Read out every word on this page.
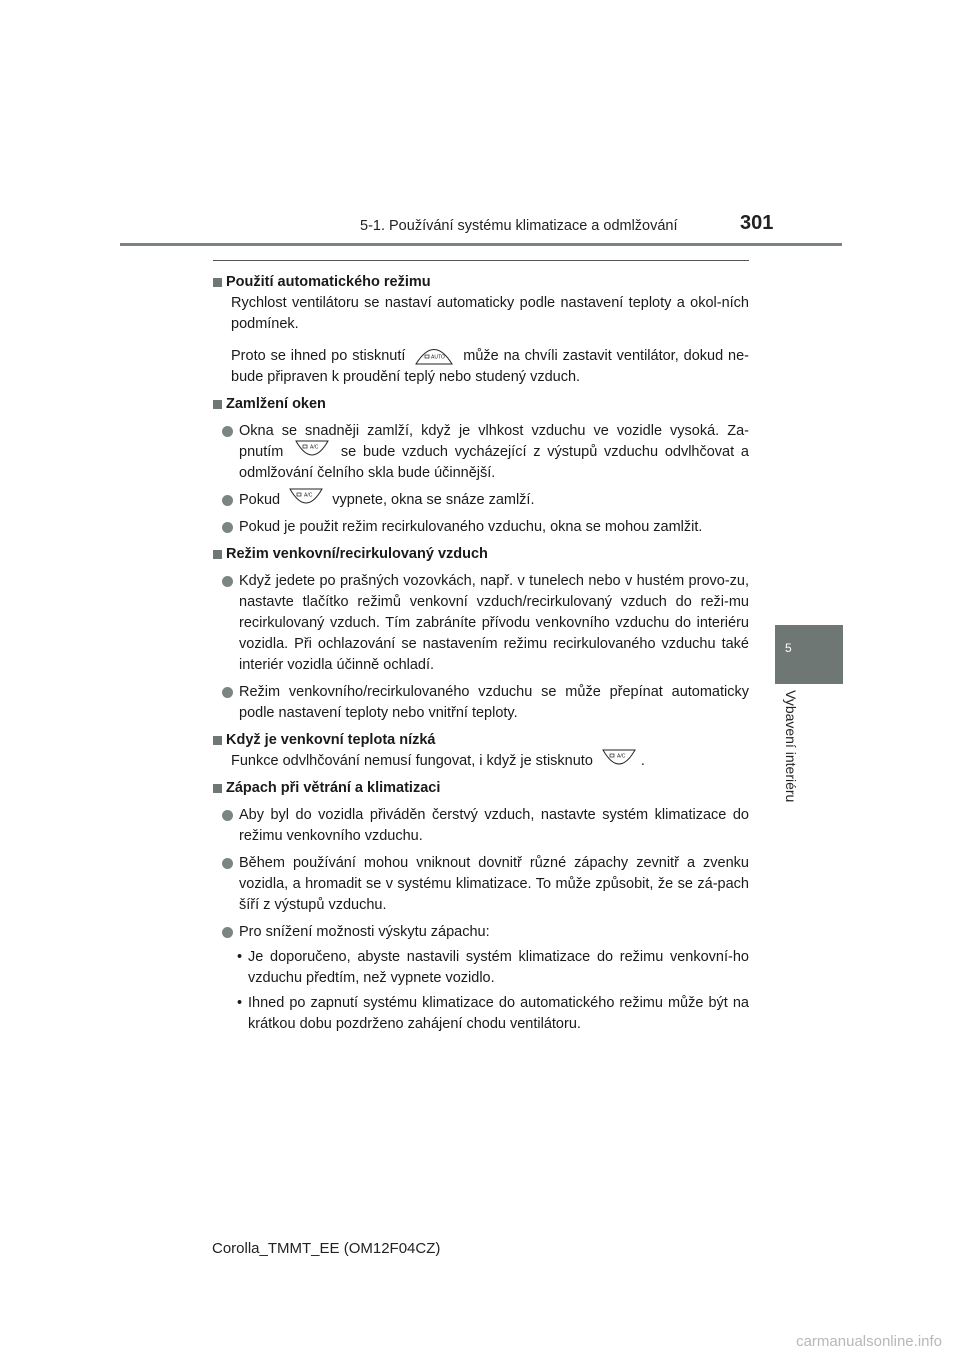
5-1. Používání systému klimatizace a odmlžování	301
5
Vybavení interiéru
Použití automatického režimu
Rychlost ventilátoru se nastaví automaticky podle nastavení teploty a okol-ních podmínek.
Proto se ihned po stisknutí	AUTO může na chvíli zastavit ventilátor, dokud ne-bude připraven k proudění teplý nebo studený vzduch.
Zamlžení oken
Okna se snadněji zamlží, když je vlhkost vzduchu ve vozidle vysoká. Za-pnutím	A/C se bude vzduch vycházející z výstupů vzduchu odvlhčovat a odmlžování čelního skla bude účinnější.
Pokud	A/C vypnete, okna se snáze zamlží.
Pokud je použit režim recirkulovaného vzduchu, okna se mohou zamlžit.
Režim venkovní/recirkulovaný vzduch
Když jedete po prašných vozovkách, např. v tunelech nebo v hustém provo-zu, nastavte tlačítko režimů venkovní vzduch/recirkulovaný vzduch do reži-mu recirkulovaný vzduch. Tím zabráníte přívodu venkovního vzduchu do interiéru vozidla. Při ochlazování se nastavením režimu recirkulovaného vzduchu také interiér vozidla účinně ochladí.
Režim venkovního/recirkulovaného vzduchu se může přepínat automaticky podle nastavení teploty nebo vnitřní teploty.
Když je venkovní teplota nízká
Funkce odvlhčování nemusí fungovat, i když je stisknuto	A/C .
Zápach při větrání a klimatizaci
Aby byl do vozidla přiváděn čerstvý vzduch, nastavte systém klimatizace do režimu venkovního vzduchu.
Během používání mohou vniknout dovnitř různé zápachy zevnitř a zvenku vozidla, a hromadit se v systému klimatizace. To může způsobit, že se zá-pach šíří z výstupů vzduchu.
Pro snížení možnosti výskytu zápachu:
• Je doporučeno, abyste nastavili systém klimatizace do režimu venkovní-ho vzduchu předtím, než vypnete vozidlo.
• Ihned po zapnutí systému klimatizace do automatického režimu může být na krátkou dobu pozdrženo zahájení chodu ventilátoru.
Corolla_TMMT_EE (OM12F04CZ)
carmanualsonline.info
